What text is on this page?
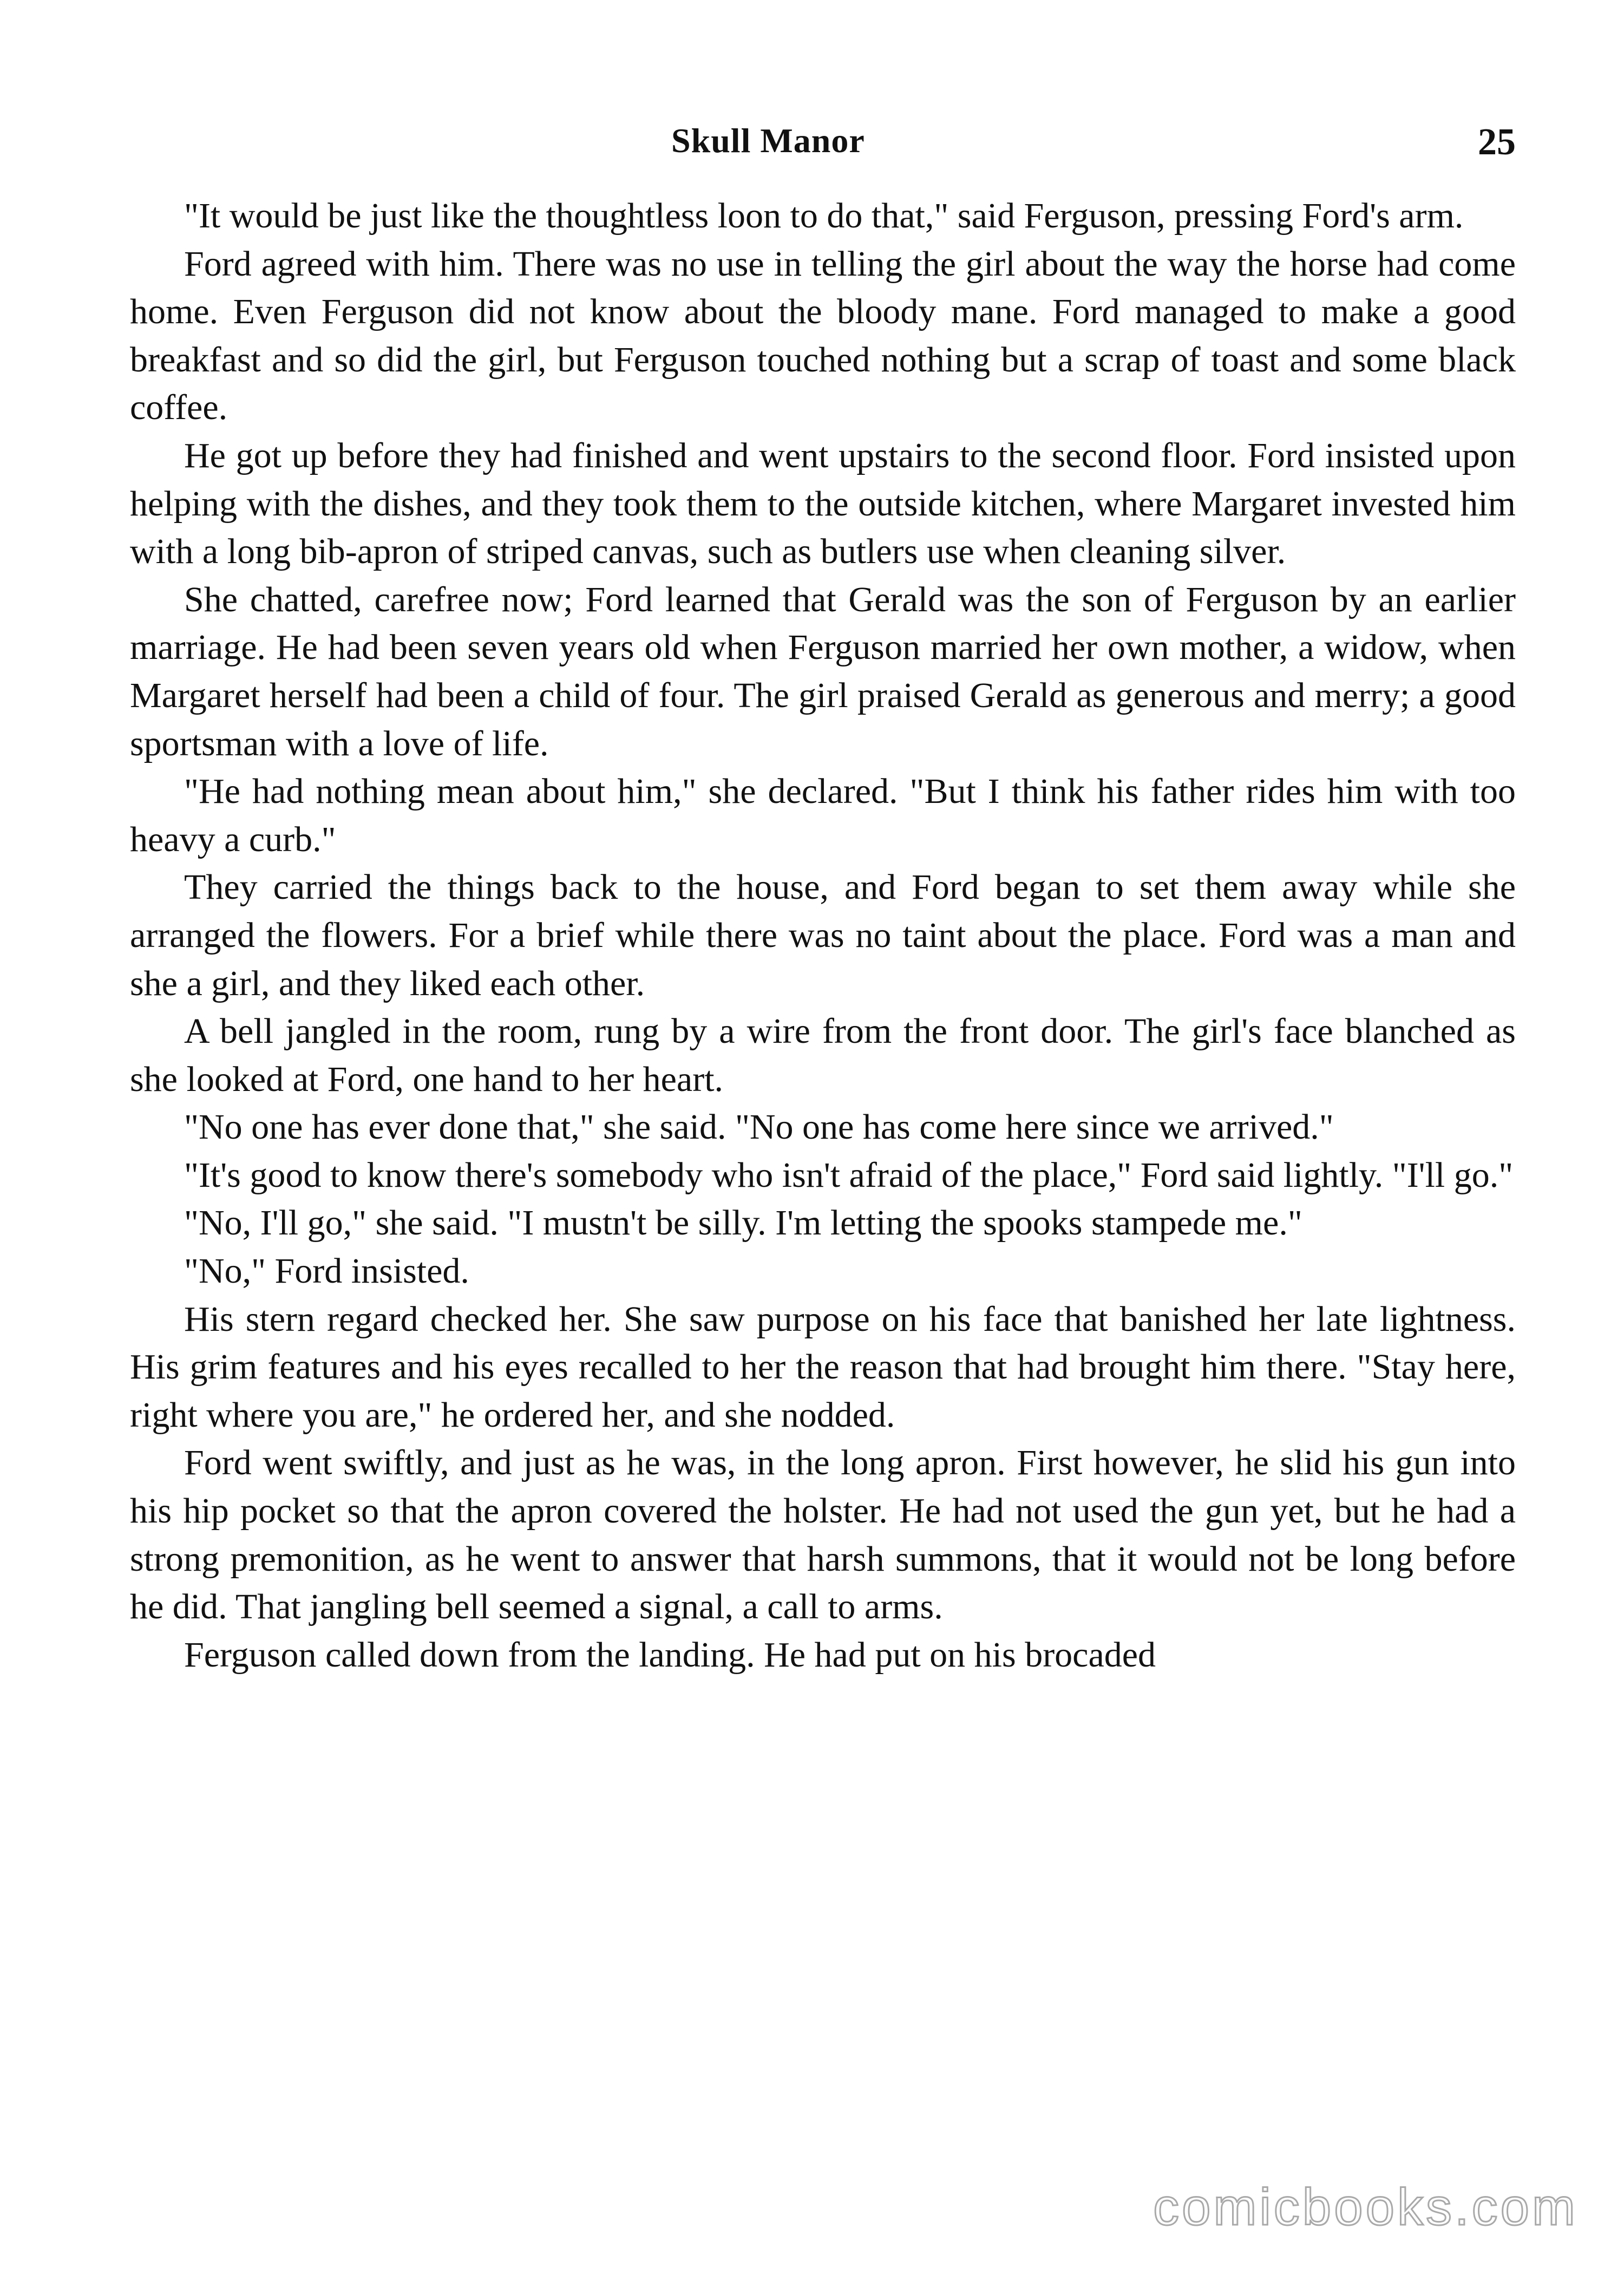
Skull Manor	25

"It would be just like the thoughtless loon to do that," said Ferguson, pressing Ford's arm.

Ford agreed with him. There was no use in telling the girl about the way the horse had come home. Even Ferguson did not know about the bloody mane. Ford managed to make a good breakfast and so did the girl, but Ferguson touched nothing but a scrap of toast and some black coffee.

He got up before they had finished and went upstairs to the second floor. Ford insisted upon helping with the dishes, and they took them to the outside kitchen, where Margaret invested him with a long bib-apron of striped canvas, such as butlers use when cleaning silver.

She chatted, carefree now; Ford learned that Gerald was the son of Ferguson by an earlier marriage. He had been seven years old when Ferguson married her own mother, a widow, when Margaret herself had been a child of four. The girl praised Gerald as generous and merry; a good sportsman with a love of life.

"He had nothing mean about him," she declared. "But I think his father rides him with too heavy a curb."

They carried the things back to the house, and Ford began to set them away while she arranged the flowers. For a brief while there was no taint about the place. Ford was a man and she a girl, and they liked each other.

A bell jangled in the room, rung by a wire from the front door. The girl's face blanched as she looked at Ford, one hand to her heart.

"No one has ever done that," she said. "No one has come here since we arrived."

"It's good to know there's somebody who isn't afraid of the place," Ford said lightly. "I'll go."

"No, I'll go," she said. "I mustn't be silly. I'm letting the spooks stampede me."

"No," Ford insisted.

His stern regard checked her. She saw purpose on his face that banished her late lightness. His grim features and his eyes recalled to her the reason that had brought him there. "Stay here, right where you are," he ordered her, and she nodded.

Ford went swiftly, and just as he was, in the long apron. First however, he slid his gun into his hip pocket so that the apron covered the holster. He had not used the gun yet, but he had a strong premonition, as he went to answer that harsh summons, that it would not be long before he did. That jangling bell seemed a signal, a call to arms.

Ferguson called down from the landing. He had put on his brocaded

comicbooks.com
